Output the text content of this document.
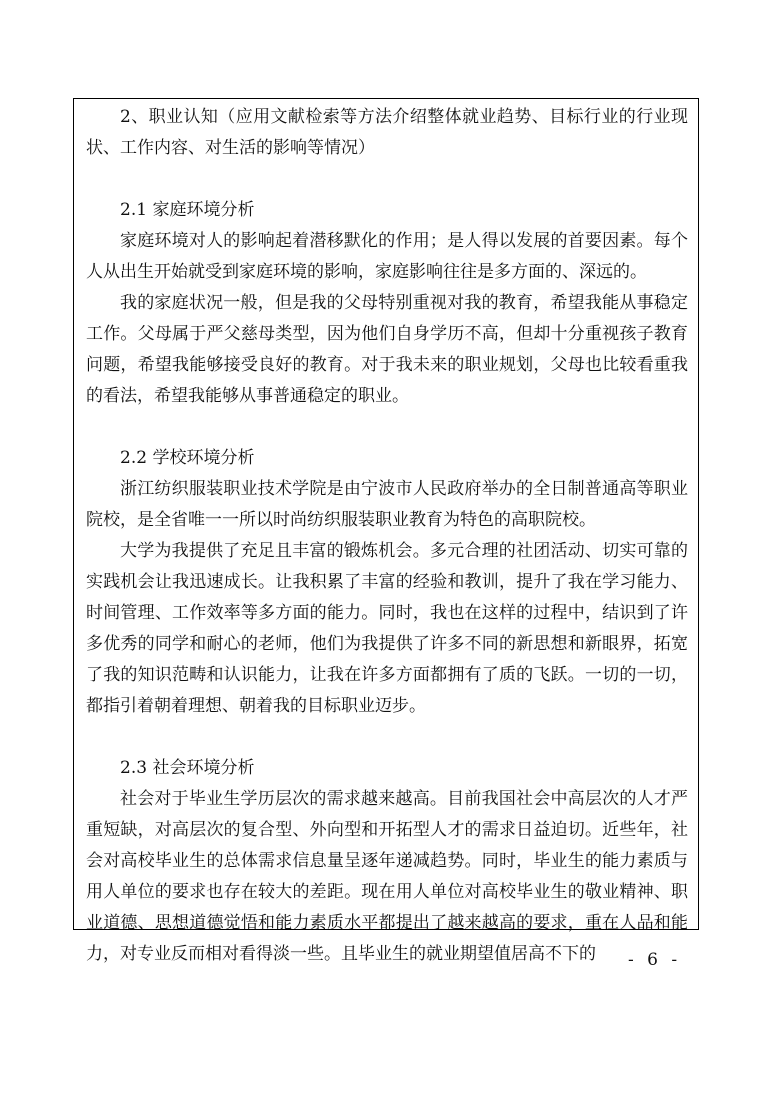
2、职业认知（应用文献检索等方法介绍整体就业趋势、目标行业的行业现状、工作内容、对生活的影响等情况）

2.1 家庭环境分析

家庭环境对人的影响起着潜移默化的作用；是人得以发展的首要因素。每个人从出生开始就受到家庭环境的影响，家庭影响往往是多方面的、深远的。

我的家庭状况一般，但是我的父母特别重视对我的教育，希望我能从事稳定工作。父母属于严父慈母类型，因为他们自身学历不高，但却十分重视孩子教育问题，希望我能够接受良好的教育。对于我未来的职业规划，父母也比较看重我的看法，希望我能够从事普通稳定的职业。

2.2 学校环境分析

浙江纺织服装职业技术学院是由宁波市人民政府举办的全日制普通高等职业院校，是全省唯一一所以时尚纺织服装职业教育为特色的高职院校。

大学为我提供了充足且丰富的锻炼机会。多元合理的社团活动、切实可靠的实践机会让我迅速成长。让我积累了丰富的经验和教训，提升了我在学习能力、时间管理、工作效率等多方面的能力。同时，我也在这样的过程中，结识到了许多优秀的同学和耐心的老师，他们为我提供了许多不同的新思想和新眼界，拓宽了我的知识范畴和认识能力，让我在许多方面都拥有了质的飞跃。一切的一切，都指引着朝着理想、朝着我的目标职业迈步。

2.3 社会环境分析

社会对于毕业生学历层次的需求越来越高。目前我国社会中高层次的人才严重短缺，对高层次的复合型、外向型和开拓型人才的需求日益迫切。近些年，社会对高校毕业生的总体需求信息量呈逐年递减趋势。同时，毕业生的能力素质与用人单位的要求也存在较大的差距。现在用人单位对高校毕业生的敬业精神、职业道德、思想道德觉悟和能力素质水平都提出了越来越高的要求，重在人品和能力，对专业反而相对看得淡一些。且毕业生的就业期望值居高不下的	- 6 -
